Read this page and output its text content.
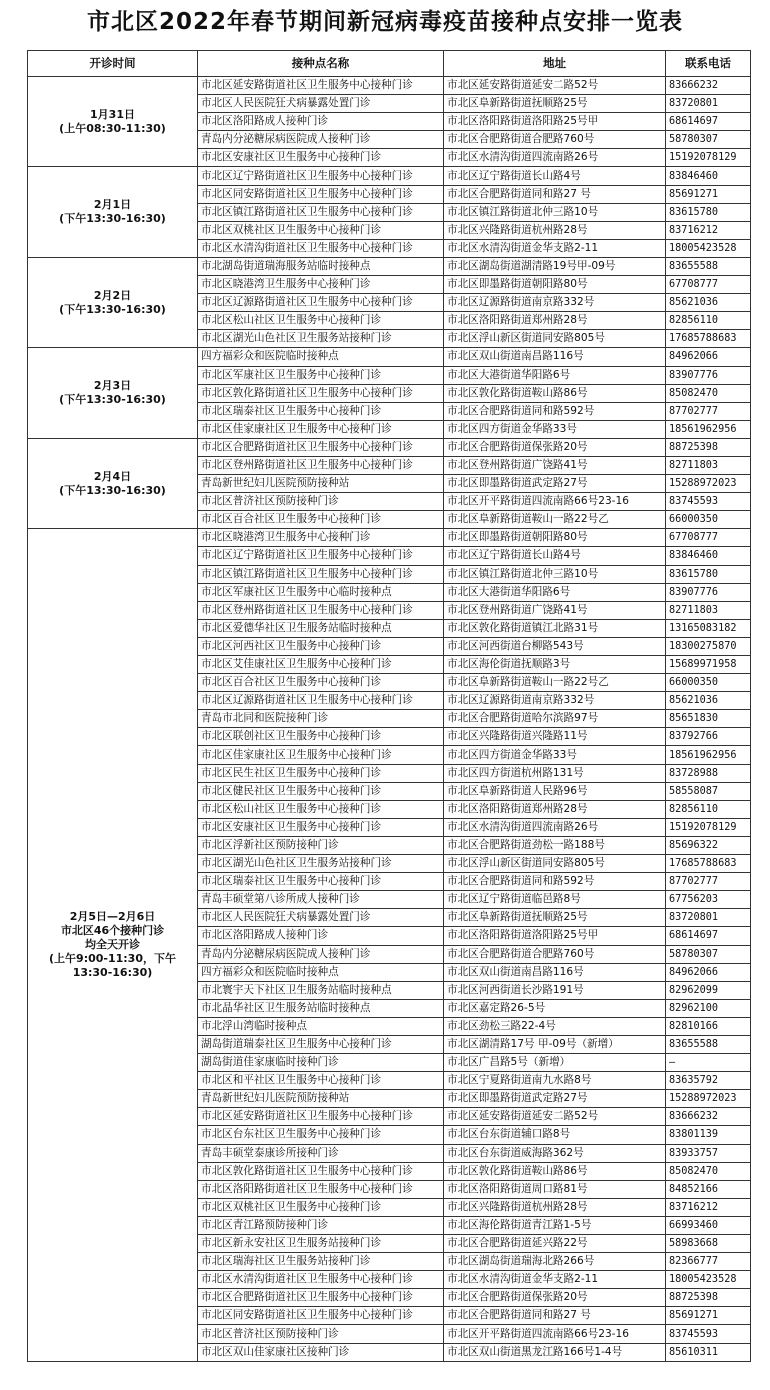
市北区2022年春节期间新冠病毒疫苗接种点安排一览表
开诊时间	接种点名称	地址	联系电话

1月31日
(上午08:30-11:30)	市北区延安路街道社区卫生服务中心接种门诊	市北区延安路街道延安二路52号	83666232
	市北区人民医院狂犬病暴露处置门诊	市北区阜新路街道抚顺路25号	83720801
	市北区洛阳路成人接种门诊	市北区洛阳路街道洛阳路25号甲	68614697
	青岛内分泌糖尿病医院成人接种门诊	市北区合肥路街道合肥路760号	58780307
	市北区安康社区卫生服务中心接种门诊	市北区水清沟街道四流南路26号	15192078129

2月1日
(下午13:30-16:30)	市北区辽宁路街道社区卫生服务中心接种门诊	市北区辽宁路街道长山路4号	83846460
	市北区同安路街道社区卫生服务中心接种门诊	市北区合肥路街道同和路27 号	85691271
	市北区镇江路街道社区卫生服务中心接种门诊	市北区镇江路街道北仲三路10号	83615780
	市北区双桃社区卫生服务中心接种门诊	市北区兴隆路街道杭州路28号	83716212
	市北区水清沟街道社区卫生服务中心接种门诊	市北区水清沟街道金华支路2-11	18005423528

2月2日
(下午13:30-16:30)	市北湖岛街道瑞海服务站临时接种点	市北区湖岛街道湖清路19号甲-09号	83655588
	市北区晓港湾卫生服务中心接种门诊	市北区即墨路街道朝阳路80号	67708777
	市北区辽源路街道社区卫生服务中心接种门诊	市北区辽源路街道南京路332号	85621036
	市北区松山社区卫生服务中心接种门诊	市北区洛阳路街道郑州路28号	82856110
	市北区湖光山色社区卫生服务站接种门诊	市北区浮山新区街道同安路805号	17685788683

2月3日
(下午13:30-16:30)	四方福彩众和医院临时接种点	市北区双山街道南昌路116号	84962066
	市北区军康社区卫生服务中心接种门诊	市北区大港街道华阳路6号	83907776
	市北区敦化路街道社区卫生服务中心接种门诊	市北区敦化路街道鞍山路86号	85082470
	市北区瑞泰社区卫生服务中心接种门诊	市北区合肥路街道同和路592号	87702777
	市北区佳家康社区卫生服务中心接种门诊	市北区四方街道金华路33号	18561962956

2月4日
(下午13:30-16:30)	市北区合肥路街道社区卫生服务中心接种门诊	市北区合肥路街道保张路20号	88725398
	市北区登州路街道社区卫生服务中心接种门诊	市北区登州路街道广饶路41号	82711803
	青岛新世纪妇儿医院预防接种站	市北区即墨路街道武定路27号	15288972023
	市北区普济社区预防接种门诊	市北区开平路街道四流南路66号23-16	83745593
	市北区百合社区卫生服务中心接种门诊	市北区阜新路街道鞍山一路22号乙	66000350

2月5日—2月6日
市北区46个接种门诊
均全天开诊
(上午9:00-11:30，下午
13:30-16:30)	市北区晓港湾卫生服务中心接种门诊	市北区即墨路街道朝阳路80号	67708777
	市北区辽宁路街道社区卫生服务中心接种门诊	市北区辽宁路街道长山路4号	83846460
	市北区镇江路街道社区卫生服务中心接种门诊	市北区镇江路街道北仲三路10号	83615780
	市北区军康社区卫生服务中心临时接种点	市北区大港街道华阳路6号	83907776
	市北区登州路街道社区卫生服务中心接种门诊	市北区登州路街道广饶路41号	82711803
	市北区爱德华社区卫生服务站临时接种点	市北区敦化路街道镇江北路31号	13165083182
	市北区河西社区卫生服务中心接种门诊	市北区河西街道台柳路543号	18300275870
	市北区艾佳康社区卫生服务中心接种门诊	市北区海伦街道抚顺路3号	15689971958
	市北区百合社区卫生服务中心接种门诊	市北区阜新路街道鞍山一路22号乙	66000350
	市北区辽源路街道社区卫生服务中心接种门诊	市北区辽源路街道南京路332号	85621036
	青岛市北同和医院接种门诊	市北区合肥路街道哈尔滨路97号	85651830
	市北区联创社区卫生服务中心接种门诊	市北区兴隆路街道兴隆路11号	83792766
	市北区佳家康社区卫生服务中心接种门诊	市北区四方街道金华路33号	18561962956
	市北区民生社区卫生服务中心接种门诊	市北区四方街道杭州路131号	83728988
	市北区健民社区卫生服务中心接种门诊	市北区阜新路街道人民路96号	58558087
	市北区松山社区卫生服务中心接种门诊	市北区洛阳路街道郑州路28号	82856110
	市北区安康社区卫生服务中心接种门诊	市北区水清沟街道四流南路26号	15192078129
	市北区浮新社区预防接种门诊	市北区合肥路街道劲松一路188号	85696322
	市北区湖光山色社区卫生服务站接种门诊	市北区浮山新区街道同安路805号	17685788683
	市北区瑞泰社区卫生服务中心接种门诊	市北区合肥路街道同和路592号	87702777
	青岛丰硕堂第八诊所成人接种门诊	市北区辽宁路街道临邑路8号	67756203
	市北区人民医院狂犬病暴露处置门诊	市北区阜新路街道抚顺路25号	83720801
	市北区洛阳路成人接种门诊	市北区洛阳路街道洛阳路25号甲	68614697
	青岛内分泌糖尿病医院成人接种门诊	市北区合肥路街道合肥路760号	58780307
	四方福彩众和医院临时接种点	市北区双山街道南昌路116号	84962066
	市北寰宇天下社区卫生服务站临时接种点	市北区河西街道长沙路191号	82962099
	市北晶华社区卫生服务站临时接种点	市北区嘉定路26-5号	82962100
	市北浮山湾临时接种点	市北区劲松三路22-4号	82810166
	湖岛街道瑞泰社区卫生服务中心接种门诊	市北区湖清路17号 甲-09号（新增）	83655588
	湖岛街道佳家康临时接种门诊	市北区广昌路5号（新增）	—
	市北区和平社区卫生服务中心接种门诊	市北区宁夏路街道南九水路8号	83635792
	青岛新世纪妇儿医院预防接种站	市北区即墨路街道武定路27号	15288972023
	市北区延安路街道社区卫生服务中心接种门诊	市北区延安路街道延安二路52号	83666232
	市北区台东社区卫生服务中心接种门诊	市北区台东街道辅口路8号	83801139
	青岛丰硕堂泰康诊所接种门诊	市北区台东街道威海路362号	83933757
	市北区敦化路街道社区卫生服务中心接种门诊	市北区敦化路街道鞍山路86号	85082470
	市北区洛阳路街道社区卫生服务中心接种门诊	市北区洛阳路街道周口路81号	84852166
	市北区双桃社区卫生服务中心接种门诊	市北区兴隆路街道杭州路28号	83716212
	市北区青江路预防接种门诊	市北区海伦路街道青江路1-5号	66993460
	市北区新永安社区卫生服务站接种门诊	市北区合肥路街道延兴路22号	58983668
	市北区瑞海社区卫生服务站接种门诊	市北区湖岛街道瑞海北路266号	82366777
	市北区水清沟街道社区卫生服务中心接种门诊	市北区水清沟街道金华支路2-11	18005423528
	市北区合肥路街道社区卫生服务中心接种门诊	市北区合肥路街道保张路20号	88725398
	市北区同安路街道社区卫生服务中心接种门诊	市北区合肥路街道同和路27 号	85691271
	市北区普济社区预防接种门诊	市北区开平路街道四流南路66号23-16	83745593
	市北区双山佳家康社区接种门诊	市北区双山街道黑龙江路166号1-4号	85610311
